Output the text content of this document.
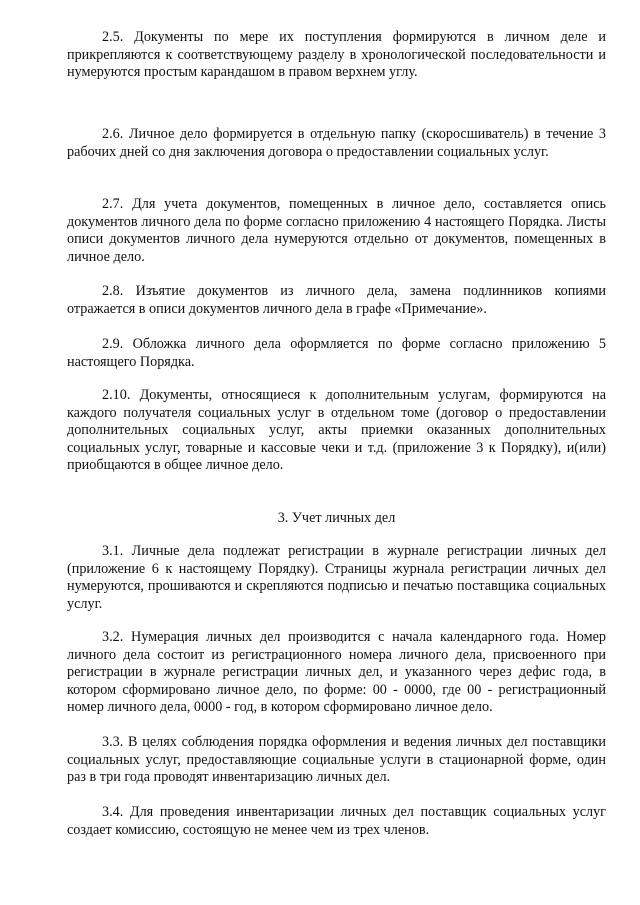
2.5. Документы по мере их поступления формируются в личном деле и прикрепляются к соответствующему разделу в хронологической последовательности и нумеруются простым карандашом в правом верхнем углу.

2.6. Личное дело формируется в отдельную папку (скоросшиватель) в течение 3 рабочих дней со дня заключения договора о предоставлении социальных услуг.

2.7. Для учета документов, помещенных в личное дело, составляется опись документов личного дела по форме согласно приложению 4 настоящего Порядка. Листы описи документов личного дела нумеруются отдельно от документов, помещенных в личное дело.

2.8. Изъятие документов из личного дела, замена подлинников копиями отражается в описи документов личного дела в графе «Примечание».

2.9. Обложка личного дела оформляется по форме согласно приложению 5 настоящего Порядка.

2.10. Документы, относящиеся к дополнительным услугам, формируются на каждого получателя социальных услуг в отдельном томе (договор о предоставлении дополнительных социальных услуг, акты приемки оказанных дополнительных социальных услуг, товарные и кассовые чеки и т.д. (приложение 3 к Порядку), и(или) приобщаются в общее личное дело.

3. Учет личных дел

3.1. Личные дела подлежат регистрации в журнале регистрации личных дел (приложение 6 к настоящему Порядку). Страницы журнала регистрации личных дел нумеруются, прошиваются и скрепляются подписью и печатью поставщика социальных услуг.

3.2. Нумерация личных дел производится с начала календарного года. Номер личного дела состоит из регистрационного номера личного дела, присвоенного при регистрации в журнале регистрации личных дел, и указанного через дефис года, в котором сформировано личное дело, по форме: 00 - 0000, где 00 - регистрационный номер личного дела, 0000 - год, в котором сформировано личное дело.

3.3. В целях соблюдения порядка оформления и ведения личных дел поставщики социальных услуг, предоставляющие социальные услуги в стационарной форме, один раз в три года проводят инвентаризацию личных дел.

3.4. Для проведения инвентаризации личных дел поставщик социальных услуг создает комиссию, состоящую не менее чем из трех членов.
